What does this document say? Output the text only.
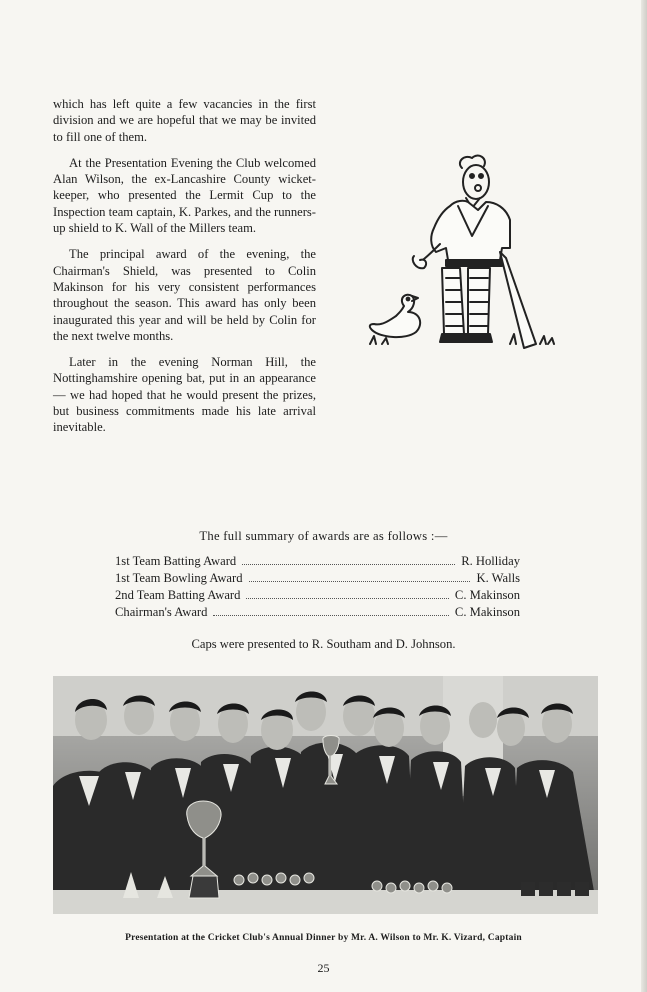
which has left quite a few vacancies in the first division and we are hopeful that we may be invited to fill one of them.

At the Presentation Evening the Club welcomed Alan Wilson, the ex-Lancashire County wicket-keeper, who presented the Lermit Cup to the Inspection team captain, K. Parkes, and the runners-up shield to K. Wall of the Millers team.

The principal award of the evening, the Chairman's Shield, was presented to Colin Makinson for his very consistent performances throughout the season. This award has only been inaugurated this year and will be held by Colin for the next twelve months.

Later in the evening Norman Hill, the Nottinghamshire opening bat, put in an appearance — we had hoped that he would present the prizes, but business commitments made his late arrival inevitable.

The full summary of awards are as follows :—
1st Team Batting Award	R. Holliday
1st Team Bowling Award	K. Walls
2nd Team Batting Award	C. Makinson
Chairman's Award	C. Makinson
Caps were presented to R. Southam and D. Johnson.
Presentation at the Cricket Club's Annual Dinner by Mr. A. Wilson to Mr. K. Vizard, Captain
25
